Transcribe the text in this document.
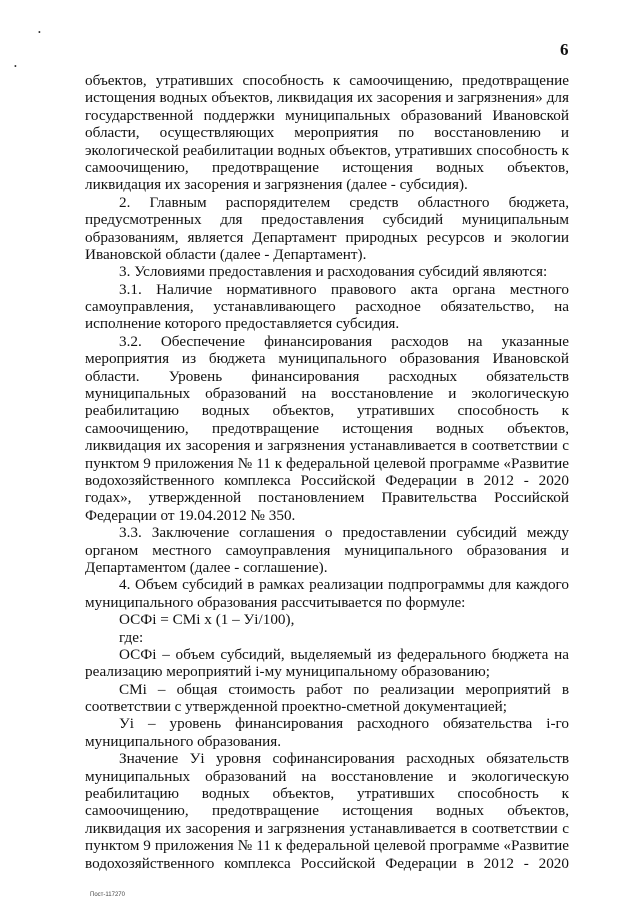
•
•
6
объектов, утративших способность к самоочищению, предотвращение
истощения водных объектов, ликвидация их засорения и загрязнения» для
государственной поддержки муниципальных образований Ивановской
области, осуществляющих мероприятия по восстановлению и
экологической реабилитации водных объектов, утративших способность к
самоочищению, предотвращение истощения водных объектов,
ликвидация их засорения и загрязнения (далее - субсидия).
2. Главным распорядителем средств областного бюджета,
предусмотренных для предоставления субсидий муниципальным
образованиям, является Департамент природных ресурсов и экологии
Ивановской области (далее - Департамент).
3. Условиями предоставления и расходования субсидий являются:
3.1. Наличие нормативного правового акта органа местного
самоуправления, устанавливающего расходное обязательство, на
исполнение которого предоставляется субсидия.
3.2. Обеспечение финансирования расходов на указанные
мероприятия из бюджета муниципального образования Ивановской
области. Уровень финансирования расходных обязательств
муниципальных образований на восстановление и экологическую
реабилитацию водных объектов, утративших способность к
самоочищению, предотвращение истощения водных объектов,
ликвидация их засорения и загрязнения устанавливается в соответствии с
пунктом 9 приложения № 11 к федеральной целевой программе «Развитие
водохозяйственного комплекса Российской Федерации в 2012 - 2020
годах», утвержденной постановлением Правительства Российской
Федерации от 19.04.2012 № 350.
3.3. Заключение соглашения о предоставлении субсидий между
органом местного самоуправления муниципального образования и
Департаментом (далее - соглашение).
4. Объем субсидий в рамках реализации подпрограммы для каждого
муниципального образования рассчитывается по формуле:
ОСФi = СМi х (1 – Уi/100),
где:
ОСФi – объем субсидий, выделяемый из федерального бюджета на
реализацию мероприятий i-му муниципальному образованию;
СМi – общая стоимость работ по реализации мероприятий в
соответствии с утвержденной проектно-сметной документацией;
Уi – уровень финансирования расходного обязательства i-го
муниципального образования.
Значение Уi уровня софинансирования расходных обязательств
муниципальных образований на восстановление и экологическую
реабилитацию водных объектов, утративших способность к
самоочищению, предотвращение истощения водных объектов,
ликвидация их засорения и загрязнения устанавливается в соответствии с
пунктом 9 приложения № 11 к федеральной целевой программе «Развитие
водохозяйственного комплекса Российской Федерации в 2012 - 2020
Пост-117270
